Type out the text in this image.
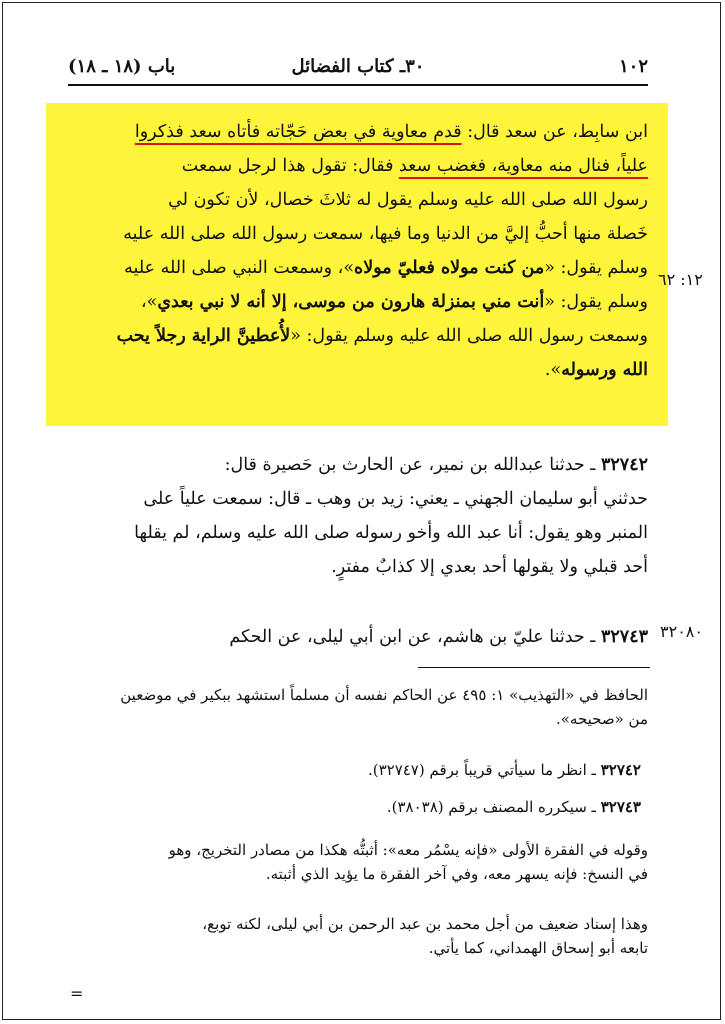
١٠٢
٣٠ـ كتاب الفضائل
باب (١٨ ـ ١٨)
ابن سابِط، عن سعد قال: قدم معاوية في بعض حَجّاته فأتاه سعد فذكروا
علياً، فنال منه معاوية، فغضب سعد فقال: تقول هذا لرجل سمعت
رسول الله صلى الله عليه وسلم يقول له ثلاثَ خصال، لأن تكون لي
خَصلة منها أحبُّ إليَّ من الدنيا وما فيها، سمعت رسول الله صلى الله عليه
وسلم يقول: «من كنت مولاه فعليّ مولاه»، وسمعت النبي صلى الله عليه
وسلم يقول: «أنت مني بمنزلة هارون من موسى، إلا أنه لا نبي بعدي»،
وسمعت رسول الله صلى الله عليه وسلم يقول: «لأُعطينَّ الراية رجلاً يحب
الله ورسوله».
١٢: ٦٢
٣٢٧٤٢ ـ حدثنا عبدالله بن نمير، عن الحارث بن حَصيرة قال:
حدثني أبو سليمان الجهني ـ يعني: زيد بن وهب ـ قال: سمعت علياً على
المنبر وهو يقول: أنا عبد الله وأخو رسوله صلى الله عليه وسلم، لم يقلها
أحد قبلي ولا يقولها أحد بعدي إلا كذابٌ مفترٍ.
٣٢٧٤٣ ـ حدثنا عليّ بن هاشم، عن ابن أبي ليلى، عن الحكم	٣٢٠٨٠
الحافظ في «التهذيب» ١: ٤٩٥ عن الحاكم نفسه أن مسلماً استشهد ببكير في موضعين
من «صحيحه».
٣٢٧٤٢ ـ انظر ما سيأتي قريباً برقم (٣٢٧٤٧).
٣٢٧٤٣ ـ سيكرره المصنف برقم (٣٨٠٣٨).
وقوله في الفقرة الأولى «فإنه يسْمُر معه»: أثبتُّه هكذا من مصادر التخريج، وهو
في النسخ: فإنه يسهر معه، وفي آخر الفقرة ما يؤيد الذي أثبته.
وهذا إسناد ضعيف من أجل محمد بن عبد الرحمن بن أبي ليلى، لكنه توبع،
تابعه أبو إسحاق الهمداني، كما يأتي.
=
